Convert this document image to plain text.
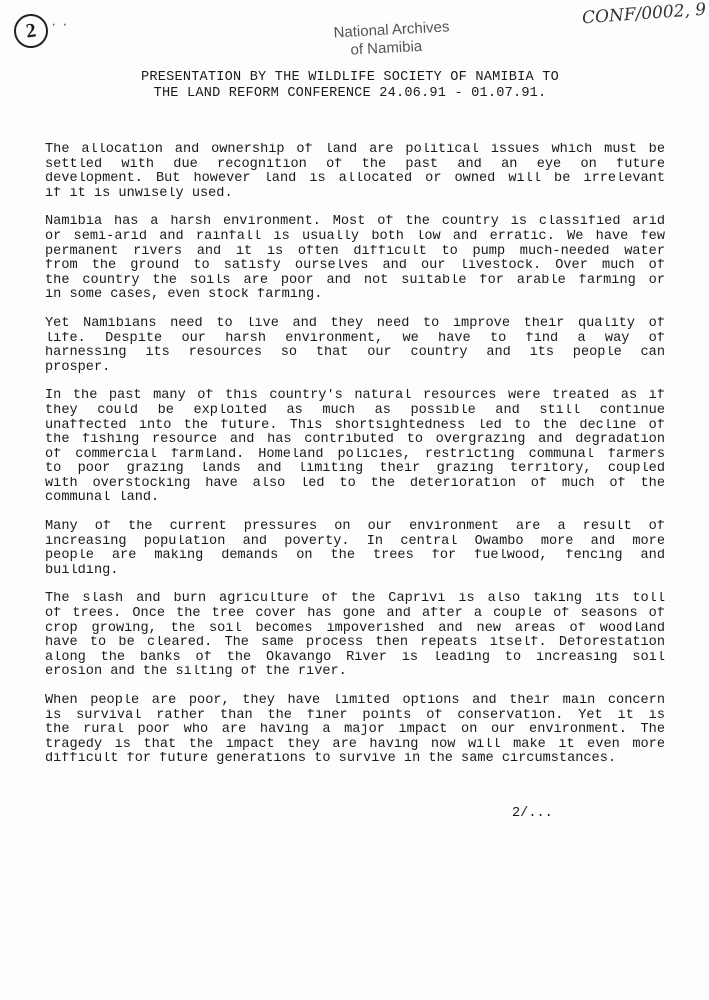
2	··	National Archives
of Namibia
CONF/0002, 9
PRESENTATION BY THE WILDLIFE SOCIETY OF NAMIBIA TO
THE LAND REFORM CONFERENCE 24.06.91 - 01.07.91.

The allocation and ownership of land are political issues which must be
settled with due recognition of the past and an eye on future
development. But however land is allocated or owned will be irrelevant
if it is unwisely used.

Namibia has a harsh environment. Most of the country is classified arid
or semi-arid and rainfall is usually both low and erratic. We have few
permanent rivers and it is often difficult to pump much-needed water
from the ground to satisfy ourselves and our livestock. Over much of
the country the soils are poor and not suitable for arable farming or
in some cases, even stock farming.

Yet Namibians need to live and they need to improve their quality of
life. Despite our harsh environment, we have to find a way of
harnessing its resources so that our country and its people can
prosper.

In the past many of this country's natural resources were treated as if
they could be exploited as much as possible and still continue
unaffected into the future. This shortsightedness led to the decline of
the fishing resource and has contributed to overgrazing and degradation
of commercial farmland. Homeland policies, restricting communal farmers
to poor grazing lands and limiting their grazing territory, coupled
with overstocking have also led to the deterioration of much of the
communal land.

Many of the current pressures on our environment are a result of
increasing population and poverty. In central Owambo more and more
people are making demands on the trees for fuelwood, fencing and
building.

The slash and burn agriculture of the Caprivi is also taking its toll
of trees. Once the tree cover has gone and after a couple of seasons of
crop growing, the soil becomes impoverished and new areas of woodland
have to be cleared. The same process then repeats itself. Deforestation
along the banks of the Okavango River is leading to increasing soil
erosion and the silting of the river.

When people are poor, they have limited options and their main concern
is survival rather than the finer points of conservation. Yet it is
the rural poor who are having a major impact on our environment. The
tragedy is that the impact they are having now will make it even more
difficult for future generations to survive in the same circumstances.

2/...
